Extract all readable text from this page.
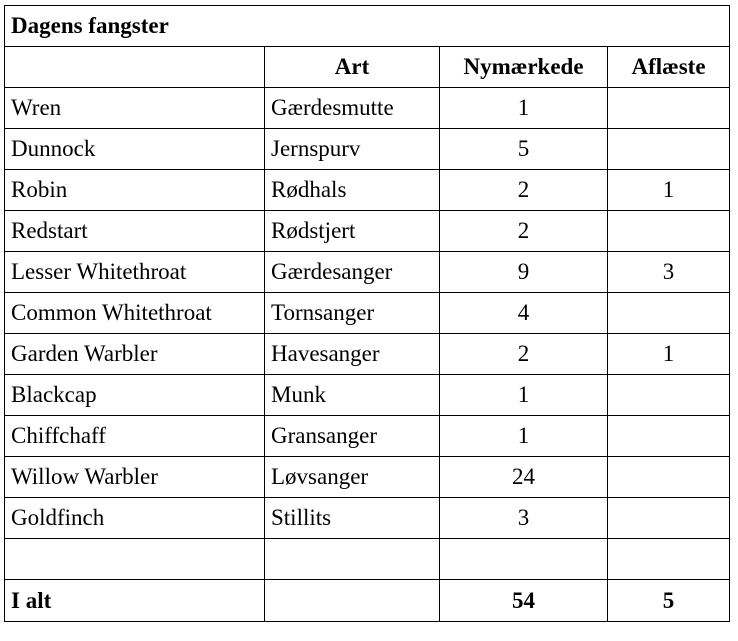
Dagens fangster			
	Art	Nymærkede	Aflæste
Wren	Gærdesmutte	1	
Dunnock	Jernspurv	5	
Robin	Rødhals	2	1
Redstart	Rødstjert	2	
Lesser Whitethroat	Gærdesanger	9	3
Common Whitethroat	Tornsanger	4	
Garden Warbler	Havesanger	2	1
Blackcap	Munk	1	
Chiffchaff	Gransanger	1	
Willow Warbler	Løvsanger	24	
Goldfinch	Stillits	3	

I alt		54	5
